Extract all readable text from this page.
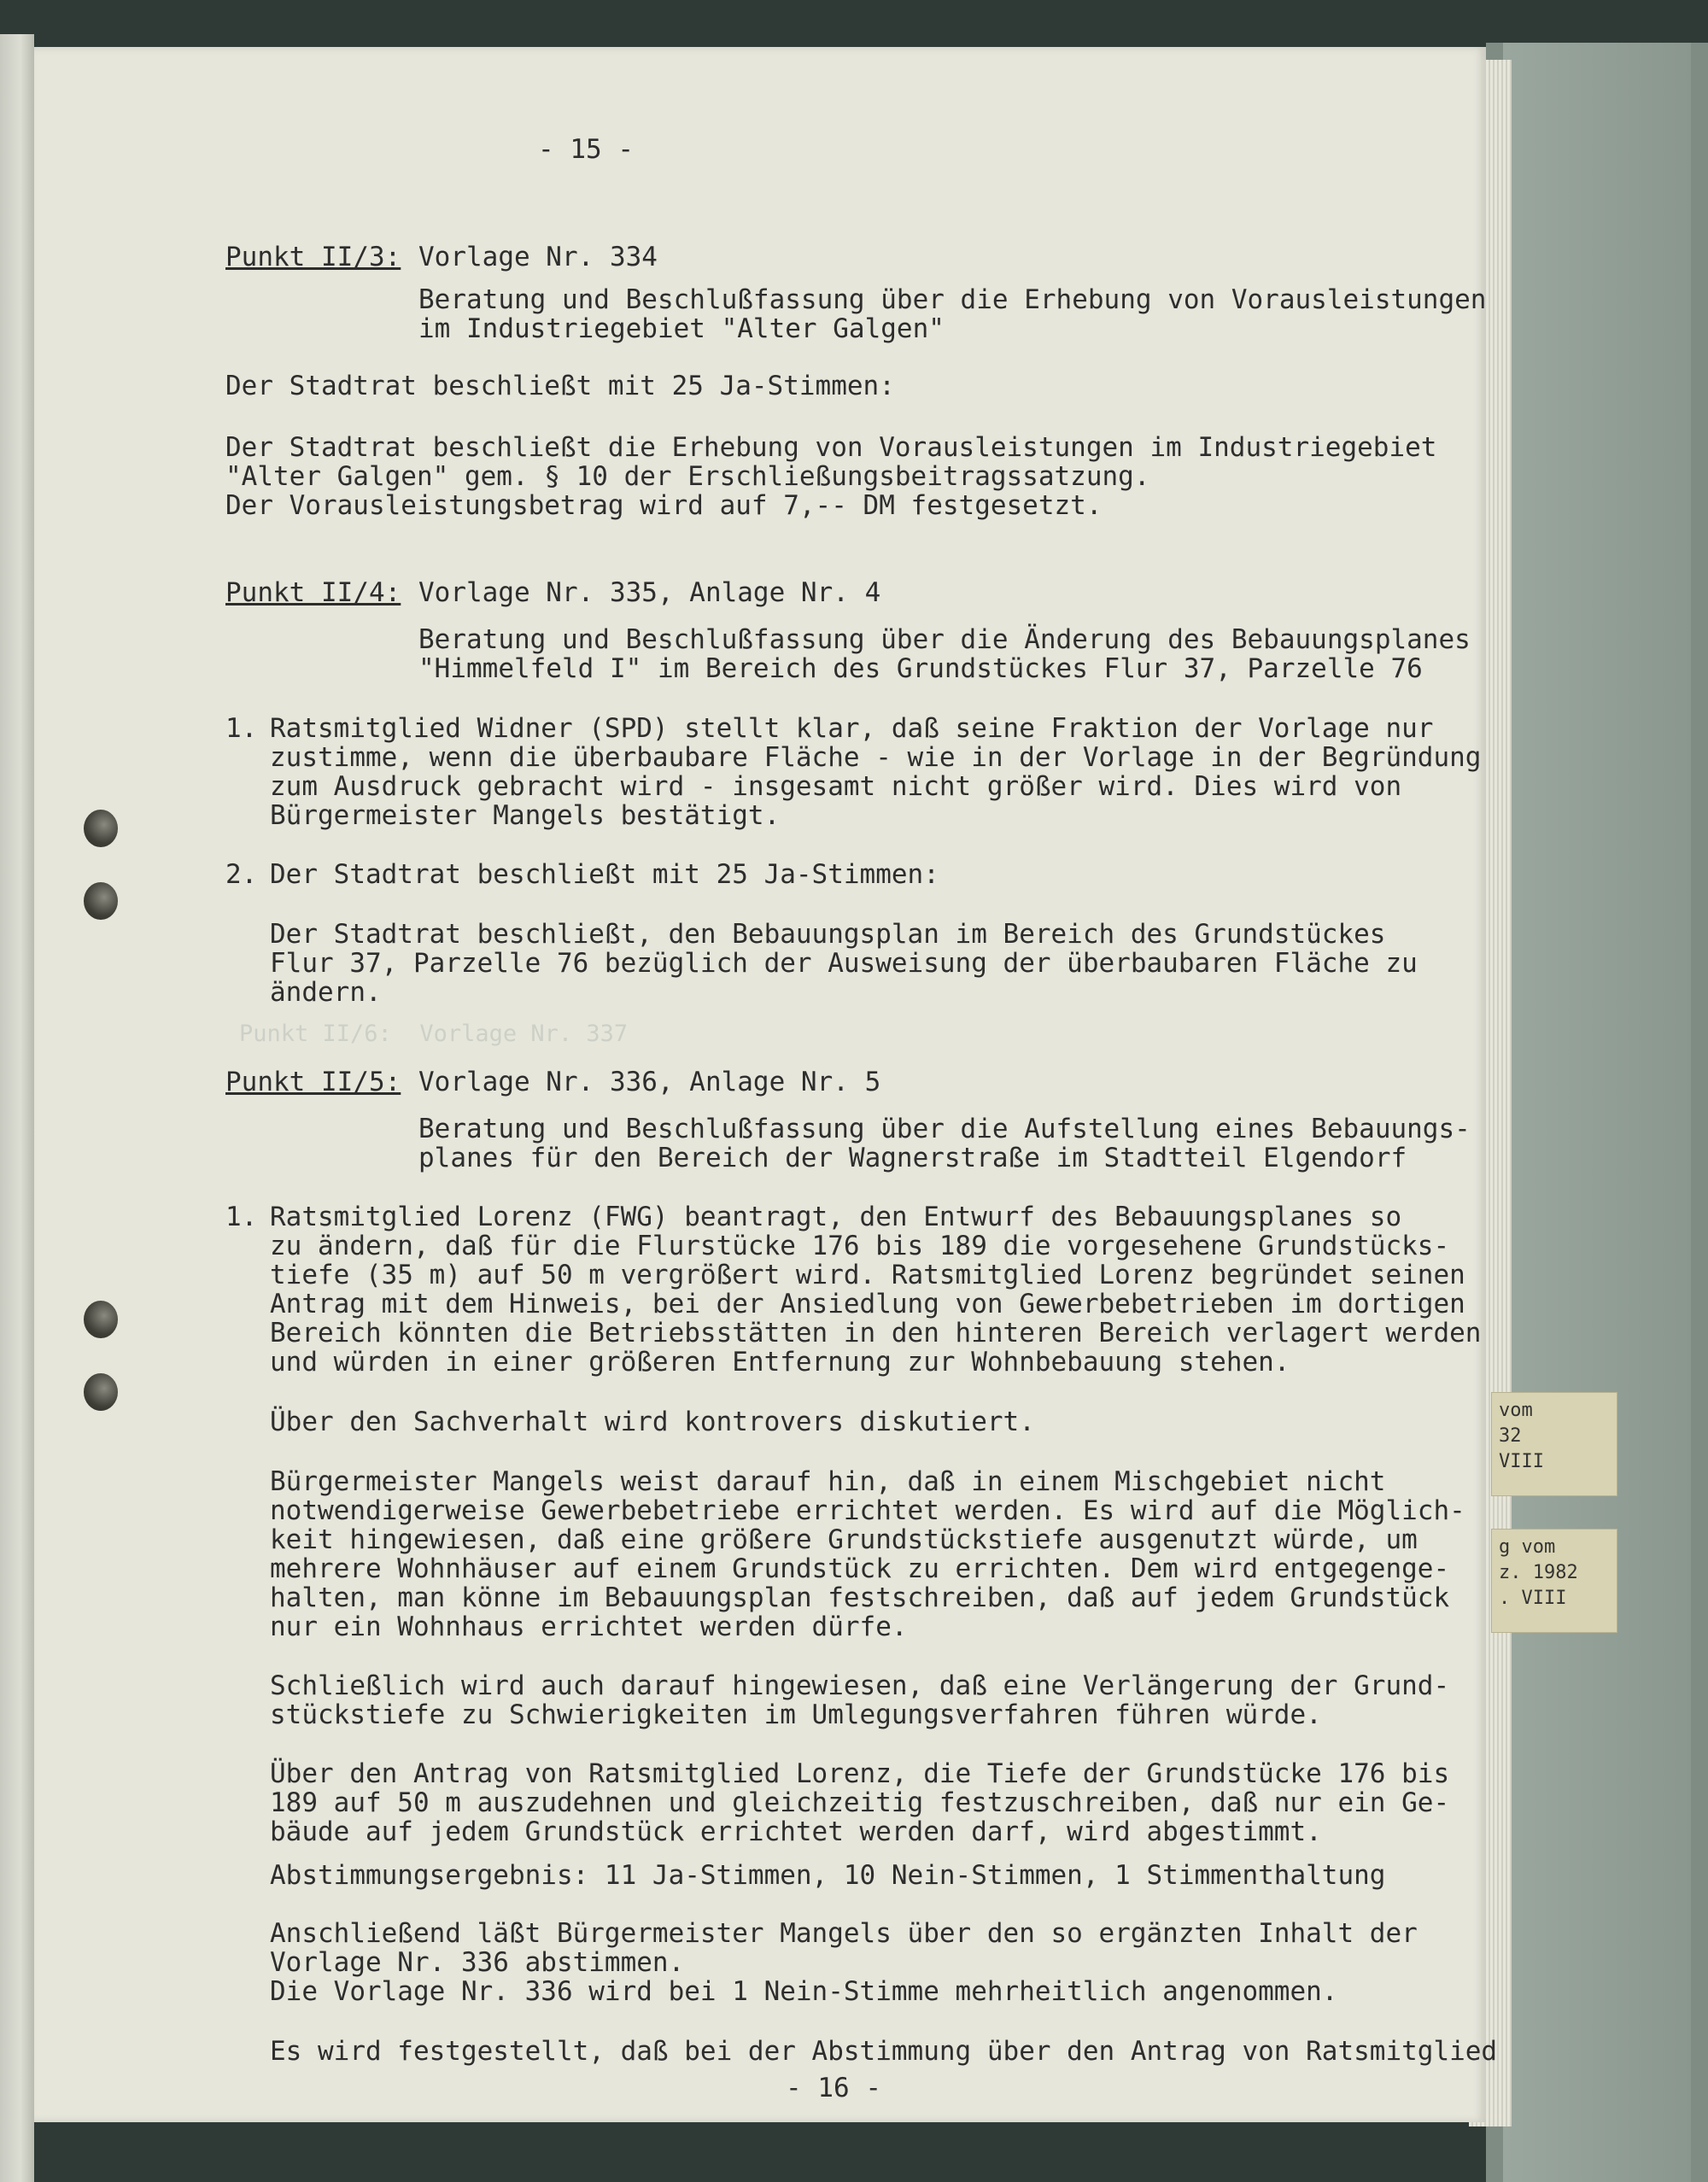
Punkt II/6:  Vorlage Nr. 337
- 15 -
Punkt II/3: Vorlage Nr. 334
Beratung und Beschlußfassung über die Erhebung von Vorausleistungen
im Industriegebiet "Alter Galgen"
Der Stadtrat beschließt mit 25 Ja-Stimmen:
Der Stadtrat beschließt die Erhebung von Vorausleistungen im Industriegebiet
"Alter Galgen" gem. § 10 der Erschließungsbeitragssatzung.
Der Vorausleistungsbetrag wird auf 7,-- DM festgesetzt.
Punkt II/4: Vorlage Nr. 335, Anlage Nr. 4
Beratung und Beschlußfassung über die Änderung des Bebauungsplanes
"Himmelfeld I" im Bereich des Grundstückes Flur 37, Parzelle 76
1. Ratsmitglied Widner (SPD) stellt klar, daß seine Fraktion der Vorlage nur
zustimme, wenn die überbaubare Fläche - wie in der Vorlage in der Begründung
zum Ausdruck gebracht wird - insgesamt nicht größer wird. Dies wird von
Bürgermeister Mangels bestätigt.
2. Der Stadtrat beschließt mit 25 Ja-Stimmen:
Der Stadtrat beschließt, den Bebauungsplan im Bereich des Grundstückes
Flur 37, Parzelle 76 bezüglich der Ausweisung der überbaubaren Fläche zu
ändern.
Punkt II/5: Vorlage Nr. 336, Anlage Nr. 5
Beratung und Beschlußfassung über die Aufstellung eines Bebauungs-
planes für den Bereich der Wagnerstraße im Stadtteil Elgendorf
1. Ratsmitglied Lorenz (FWG) beantragt, den Entwurf des Bebauungsplanes so
zu ändern, daß für die Flurstücke 176 bis 189 die vorgesehene Grundstücks-
tiefe (35 m) auf 50 m vergrößert wird. Ratsmitglied Lorenz begründet seinen
Antrag mit dem Hinweis, bei der Ansiedlung von Gewerbebetrieben im dortigen
Bereich könnten die Betriebsstätten in den hinteren Bereich verlagert werden
und würden in einer größeren Entfernung zur Wohnbebauung stehen.
Über den Sachverhalt wird kontrovers diskutiert.
Bürgermeister Mangels weist darauf hin, daß in einem Mischgebiet nicht
notwendigerweise Gewerbebetriebe errichtet werden. Es wird auf die Möglich-
keit hingewiesen, daß eine größere Grundstückstiefe ausgenutzt würde, um
mehrere Wohnhäuser auf einem Grundstück zu errichten. Dem wird entgegenge-
halten, man könne im Bebauungsplan festschreiben, daß auf jedem Grundstück
nur ein Wohnhaus errichtet werden dürfe.
Schließlich wird auch darauf hingewiesen, daß eine Verlängerung der Grund-
stückstiefe zu Schwierigkeiten im Umlegungsverfahren führen würde.
Über den Antrag von Ratsmitglied Lorenz, die Tiefe der Grundstücke 176 bis
189 auf 50 m auszudehnen und gleichzeitig festzuschreiben, daß nur ein Ge-
bäude auf jedem Grundstück errichtet werden darf, wird abgestimmt.
Abstimmungsergebnis: 11 Ja-Stimmen, 10 Nein-Stimmen, 1 Stimmenthaltung
Anschließend läßt Bürgermeister Mangels über den so ergänzten Inhalt der
Vorlage Nr. 336 abstimmen.
Die Vorlage Nr. 336 wird bei 1 Nein-Stimme mehrheitlich angenommen.
Es wird festgestellt, daß bei der Abstimmung über den Antrag von Ratsmitglied
- 16 -
vom
32
VIII
g vom
z. 1982
. VIII
